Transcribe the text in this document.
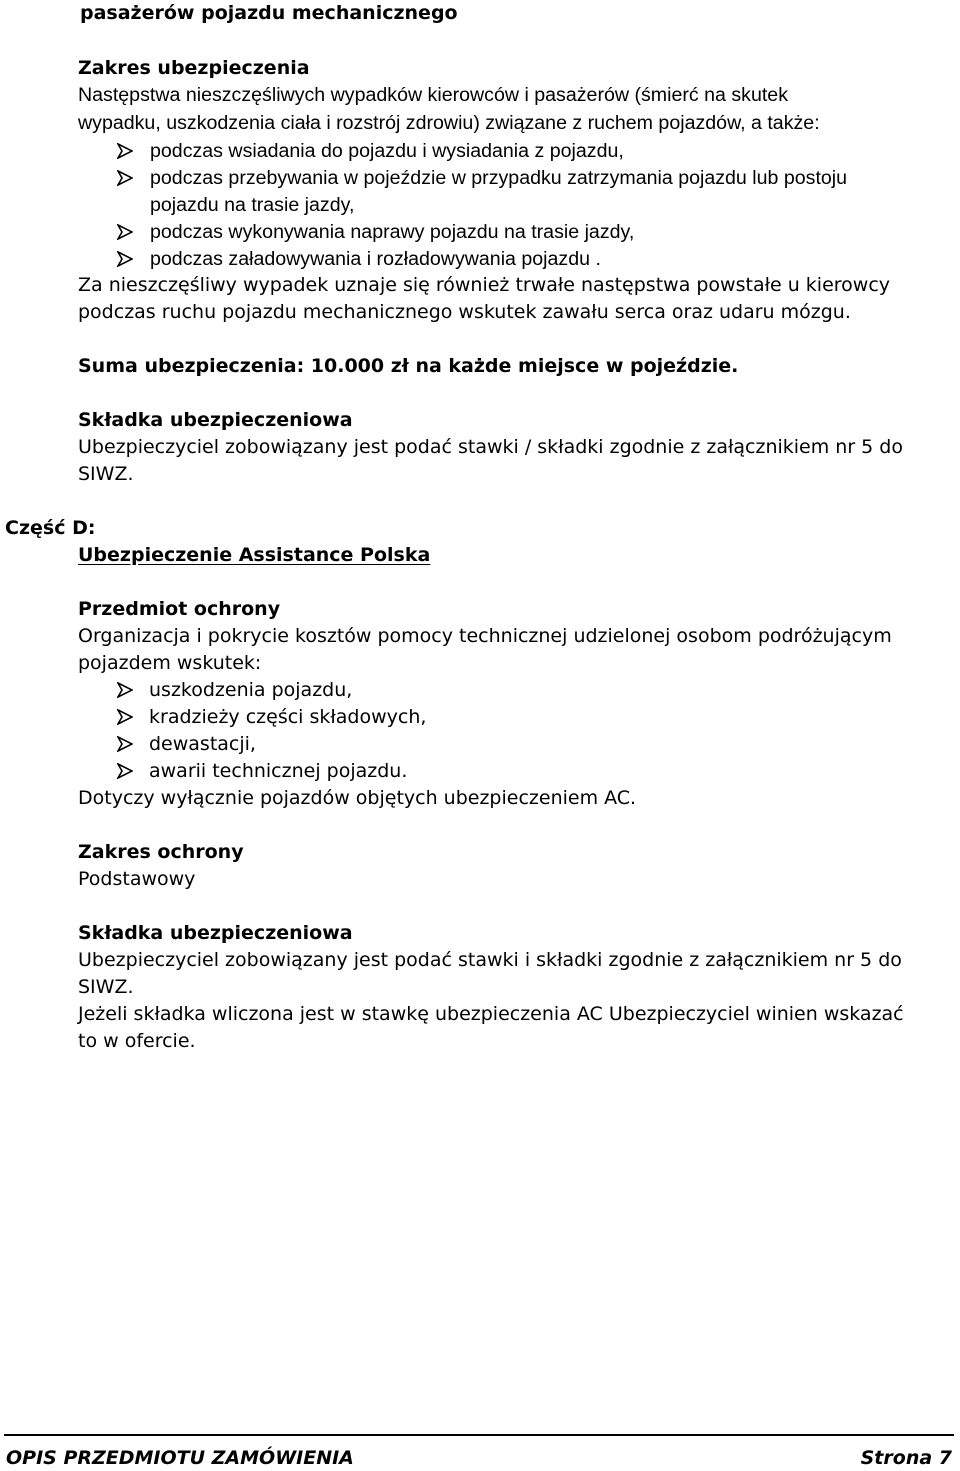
pasażerów pojazdu mechanicznego
Zakres ubezpieczenia
Następstwa nieszczęśliwych wypadków kierowców i pasażerów (śmierć na skutek
wypadku, uszkodzenia ciała i rozstrój zdrowiu) związane z ruchem pojazdów, a także:
podczas wsiadania do pojazdu i wysiadania z pojazdu,
podczas przebywania w pojeździe w przypadku zatrzymania pojazdu lub postoju
pojazdu na trasie jazdy,
podczas wykonywania naprawy pojazdu na trasie jazdy,
podczas załadowywania i rozładowywania pojazdu .
Za nieszczęśliwy wypadek uznaje się również trwałe następstwa powstałe u kierowcy
podczas ruchu pojazdu mechanicznego wskutek zawału serca oraz udaru mózgu.
Suma ubezpieczenia: 10.000 zł na każde miejsce w pojeździe.
Składka ubezpieczeniowa
Ubezpieczyciel zobowiązany jest podać stawki / składki zgodnie z załącznikiem nr 5 do
SIWZ.
Część D:
Ubezpieczenie Assistance Polska
Przedmiot ochrony
Organizacja i pokrycie kosztów pomocy technicznej udzielonej osobom podróżującym
pojazdem wskutek:
uszkodzenia pojazdu,
kradzieży części składowych,
dewastacji,
awarii technicznej pojazdu.
Dotyczy wyłącznie pojazdów objętych ubezpieczeniem AC.
Zakres ochrony
Podstawowy
Składka ubezpieczeniowa
Ubezpieczyciel zobowiązany jest podać stawki i składki zgodnie z załącznikiem nr 5 do
SIWZ.
Jeżeli składka wliczona jest w stawkę ubezpieczenia AC Ubezpieczyciel winien wskazać
to w ofercie.
OPIS PRZEDMIOTU ZAMÓWIENIA	Strona 7
